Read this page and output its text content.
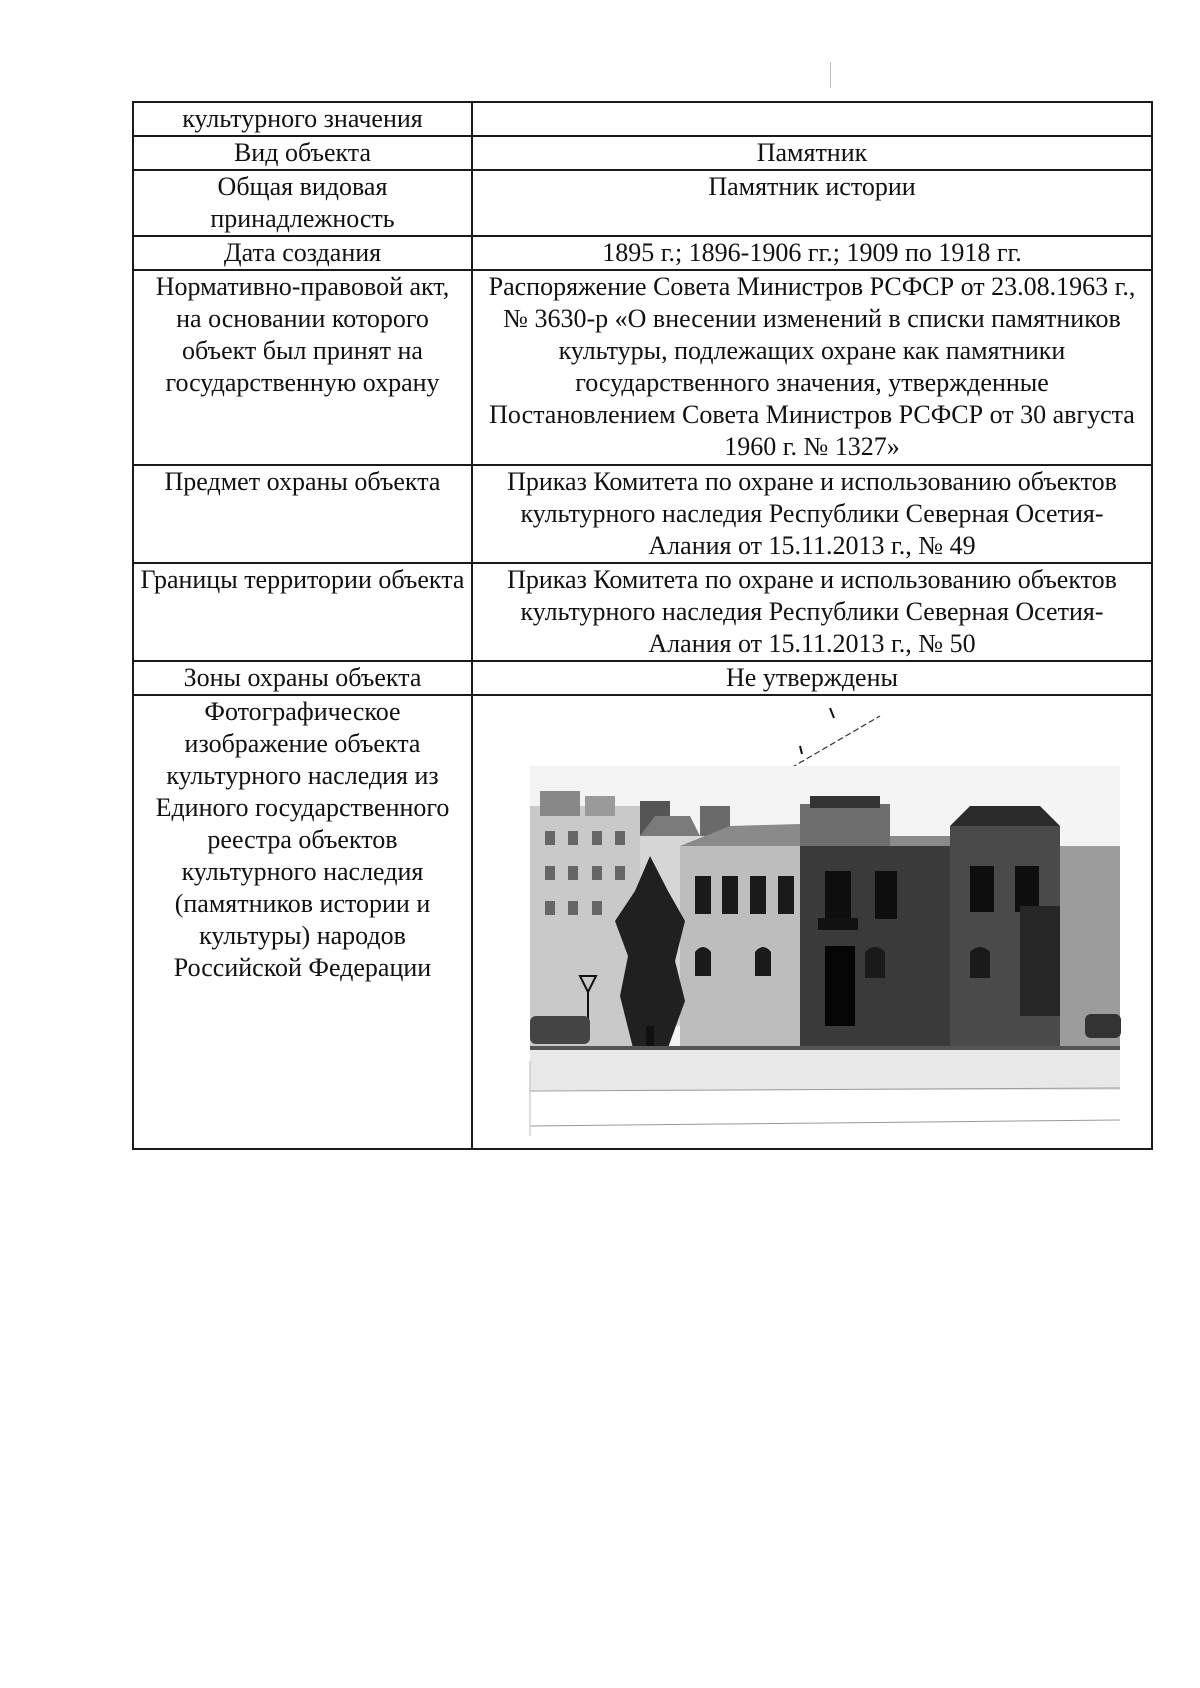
культурного значения	
Вид объекта	Памятник
Общая видовая принадлежность	Памятник истории
Дата создания	1895 г.; 1896-1906 гг.; 1909 по 1918 гг.
Нормативно-правовой акт, на основании которого объект был принят на государственную охрану	Распоряжение Совета Министров РСФСР от 23.08.1963 г., № 3630-р «О внесении изменений в списки памятников культуры, подлежащих охране как памятники государственного значения, утвержденные Постановлением Совета Министров РСФСР от 30 августа 1960 г. № 1327»
Предмет охраны объекта	Приказ Комитета по охране и использованию объектов культурного наследия Республики Северная Осетия-Алания от 15.11.2013 г., № 49
Границы территории объекта	Приказ Комитета по охране и использованию объектов культурного наследия Республики Северная Осетия-Алания от 15.11.2013 г., № 50
Зоны охраны объекта	Не утверждены
Фотографическое изображение объекта культурного наследия из Единого государственного реестра объектов культурного наследия (памятников истории и культуры) народов Российской Федерации	
